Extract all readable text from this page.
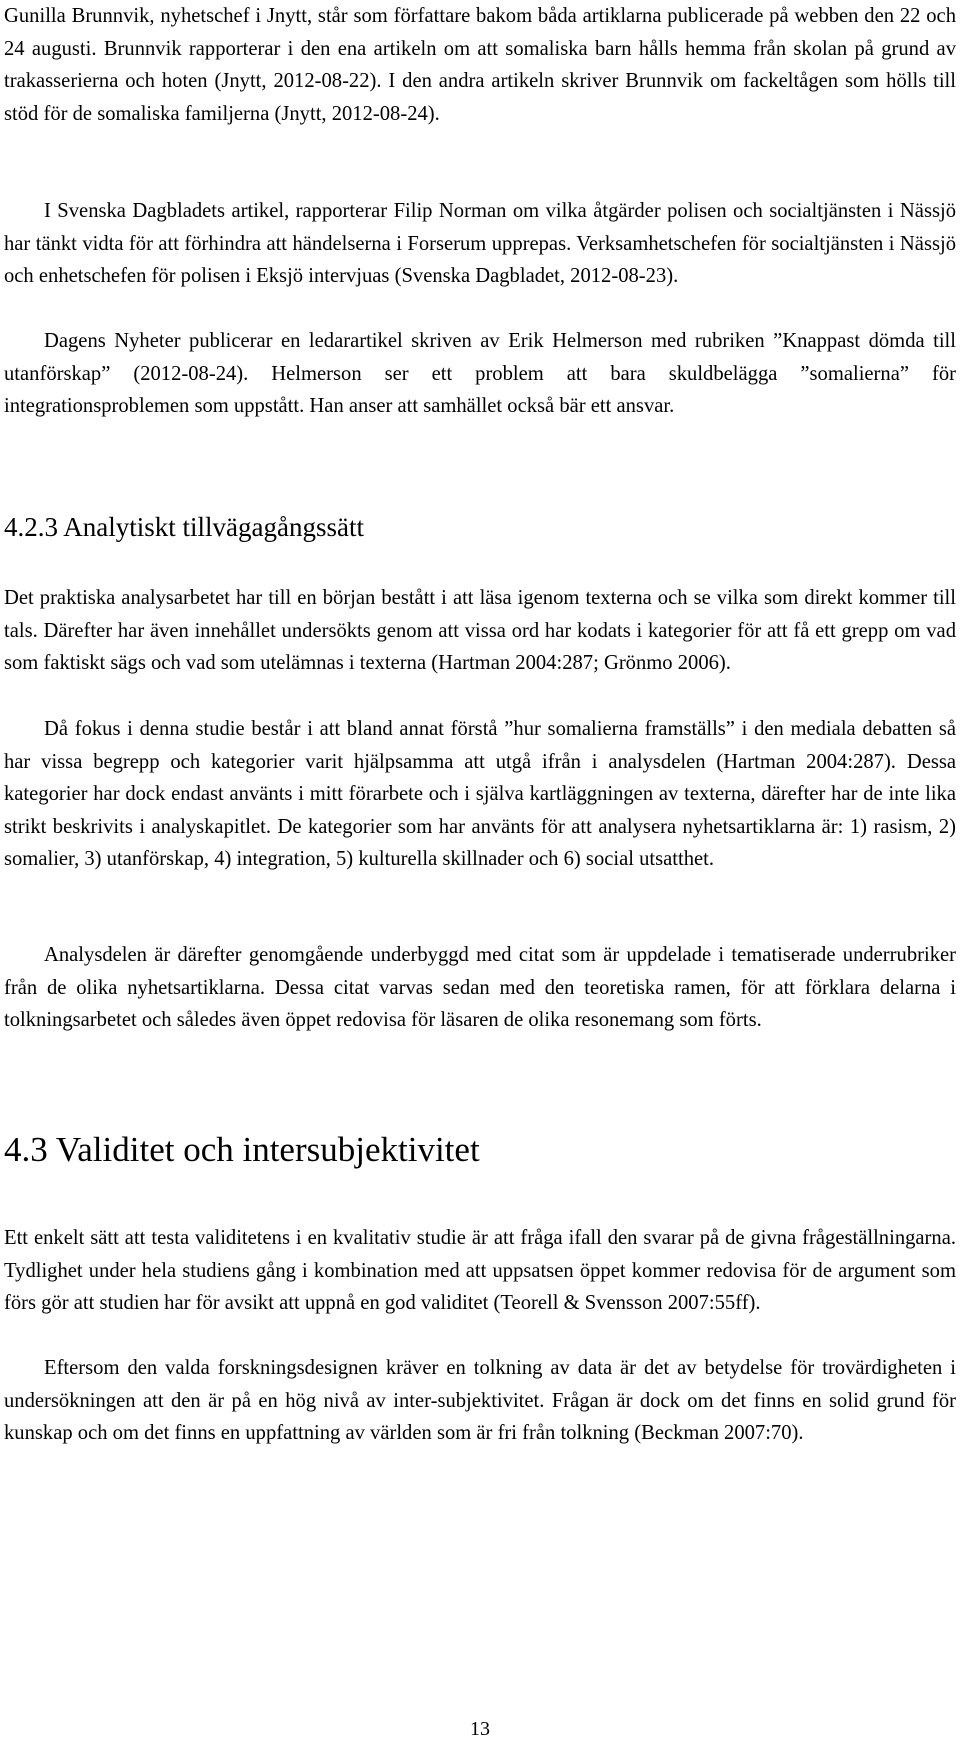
Gunilla Brunnvik, nyhetschef i Jnytt, står som författare bakom båda artiklarna publicerade på webben den 22 och 24 augusti. Brunnvik rapporterar i den ena artikeln om att somaliska barn hålls hemma från skolan på grund av trakasserierna och hoten (Jnytt, 2012-08-22). I den andra artikeln skriver Brunnvik om fackeltågen som hölls till stöd för de somaliska familjerna (Jnytt, 2012-08-24).

I Svenska Dagbladets artikel, rapporterar Filip Norman om vilka åtgärder polisen och socialtjänsten i Nässjö har tänkt vidta för att förhindra att händelserna i Forserum upprepas. Verksamhetschefen för socialtjänsten i Nässjö och enhetschefen för polisen i Eksjö intervjuas (Svenska Dagbladet, 2012-08-23).

Dagens Nyheter publicerar en ledarartikel skriven av Erik Helmerson med rubriken ”Knappast dömda till utanförskap” (2012-08-24). Helmerson ser ett problem att bara skuldbelägga ”somalierna” för integrationsproblemen som uppstått. Han anser att samhället också bär ett ansvar.

4.2.3 Analytiskt tillvägagångssätt

Det praktiska analysarbetet har till en början bestått i att läsa igenom texterna och se vilka som direkt kommer till tals. Därefter har även innehållet undersökts genom att vissa ord har kodats i kategorier för att få ett grepp om vad som faktiskt sägs och vad som utelämnas i texterna (Hartman 2004:287; Grönmo 2006).

Då fokus i denna studie består i att bland annat förstå ”hur somalierna framställs” i den mediala debatten så har vissa begrepp och kategorier varit hjälpsamma att utgå ifrån i analysdelen (Hartman 2004:287). Dessa kategorier har dock endast använts i mitt förarbete och i själva kartläggningen av texterna, därefter har de inte lika strikt beskrivits i analyskapitlet. De kategorier som har använts för att analysera nyhetsartiklarna är: 1) rasism, 2) somalier, 3) utanförskap, 4) integration, 5) kulturella skillnader och 6) social utsatthet.

Analysdelen är därefter genomgående underbyggd med citat som är uppdelade i tematiserade underrubriker från de olika nyhetsartiklarna. Dessa citat varvas sedan med den teoretiska ramen, för att förklara delarna i tolkningsarbetet och således även öppet redovisa för läsaren de olika resonemang som förts.

4.3 Validitet och intersubjektivitet

Ett enkelt sätt att testa validitetens i en kvalitativ studie är att fråga ifall den svarar på de givna frågeställningarna. Tydlighet under hela studiens gång i kombination med att uppsatsen öppet kommer redovisa för de argument som förs gör att studien har för avsikt att uppnå en god validitet (Teorell & Svensson 2007:55ff).

Eftersom den valda forskningsdesignen kräver en tolkning av data är det av betydelse för trovärdigheten i undersökningen att den är på en hög nivå av inter-subjektivitet. Frågan är dock om det finns en solid grund för kunskap och om det finns en uppfattning av världen som är fri från tolkning (Beckman 2007:70).

13
